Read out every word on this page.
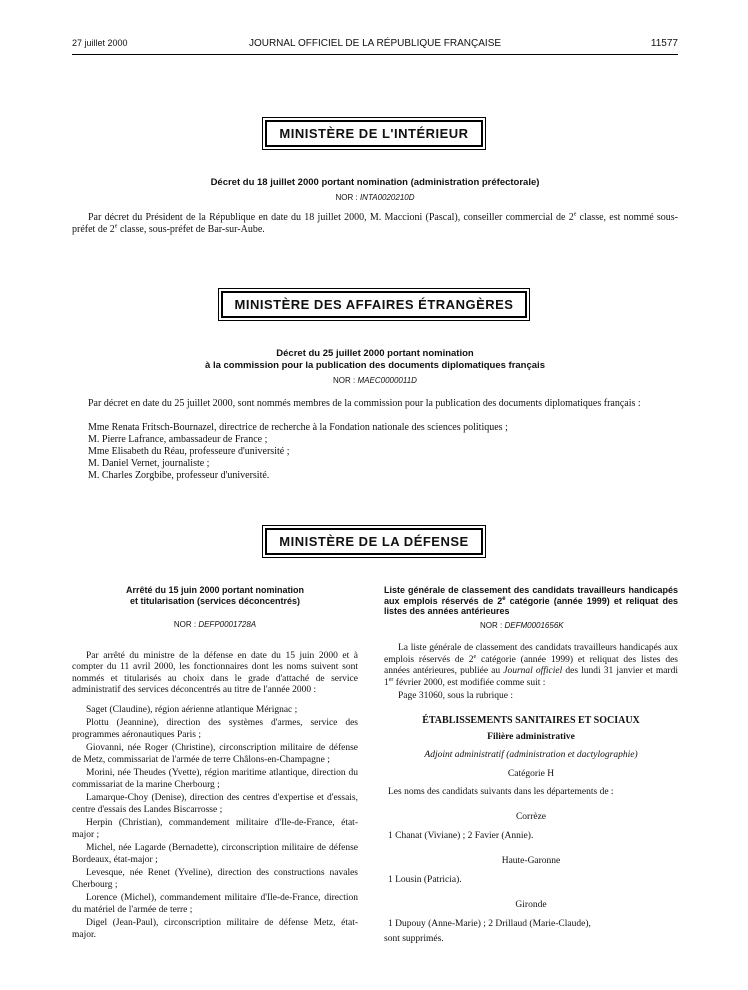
27 juillet 2000	JOURNAL OFFICIEL DE LA RÉPUBLIQUE FRANÇAISE	11577
MINISTÈRE DE L'INTÉRIEUR
Décret du 18 juillet 2000 portant nomination (administration préfectorale)
NOR : INTA0020210D
Par décret du Président de la République en date du 18 juillet 2000, M. Maccioni (Pascal), conseiller commercial de 2e classe, est nommé sous-préfet de 2e classe, sous-préfet de Bar-sur-Aube.
MINISTÈRE DES AFFAIRES ÉTRANGÈRES
Décret du 25 juillet 2000 portant nomination
à la commission pour la publication des documents diplomatiques français
NOR : MAEC0000011D
Par décret en date du 25 juillet 2000, sont nommés membres de la commission pour la publication des documents diplomatiques français :
Mme Renata Fritsch-Bournazel, directrice de recherche à la Fondation nationale des sciences politiques ;
M. Pierre Lafrance, ambassadeur de France ;
Mme Elisabeth du Réau, professeure d'université ;
M. Daniel Vernet, journaliste ;
M. Charles Zorgbibe, professeur d'université.
MINISTÈRE DE LA DÉFENSE
Arrêté du 15 juin 2000 portant nomination
et titularisation (services déconcentrés)
NOR : DEFP0001728A
Par arrêté du ministre de la défense en date du 15 juin 2000 et à compter du 11 avril 2000, les fonctionnaires dont les noms suivent sont nommés et titularisés au choix dans le grade d'attaché de service administratif des services déconcentrés au titre de l'année 2000 :
Saget (Claudine), région aérienne atlantique Mérignac ;
Plottu (Jeannine), direction des systèmes d'armes, service des programmes aéronautiques Paris ;
Giovanni, née Roger (Christine), circonscription militaire de défense de Metz, commissariat de l'armée de terre Châlons-en-Champagne ;
Morini, née Theudes (Yvette), région maritime atlantique, direction du commissariat de la marine Cherbourg ;
Lamarque-Choy (Denise), direction des centres d'expertise et d'essais, centre d'essais des Landes Biscarrosse ;
Herpin (Christian), commandement militaire d'Ile-de-France, état-major ;
Michel, née Lagarde (Bernadette), circonscription militaire de défense Bordeaux, état-major ;
Levesque, née Renet (Yveline), direction des constructions navales Cherbourg ;
Lorence (Michel), commandement militaire d'Ile-de-France, direction du matériel de l'armée de terre ;
Digel (Jean-Paul), circonscription militaire de défense Metz, état-major.
Liste générale de classement des candidats travailleurs handicapés aux emplois réservés de 2e catégorie (année 1999) et reliquat des listes des années antérieures
NOR : DEFM0001656K
La liste générale de classement des candidats travailleurs handicapés aux emplois réservés de 2e catégorie (année 1999) et reliquat des listes des années antérieures, publiée au Journal officiel des lundi 31 janvier et mardi 1er février 2000, est modifiée comme suit :
Page 31060, sous la rubrique :
ÉTABLISSEMENTS SANITAIRES ET SOCIAUX
Filière administrative
Adjoint administratif (administration et dactylographie)
Catégorie H
Les noms des candidats suivants dans les départements de :
Corrèze
1 Chanat (Viviane) ; 2 Favier (Annie).
Haute-Garonne
1 Lousin (Patricia).
Gironde
1 Dupouy (Anne-Marie) ; 2 Drillaud (Marie-Claude),
sont supprimés.
